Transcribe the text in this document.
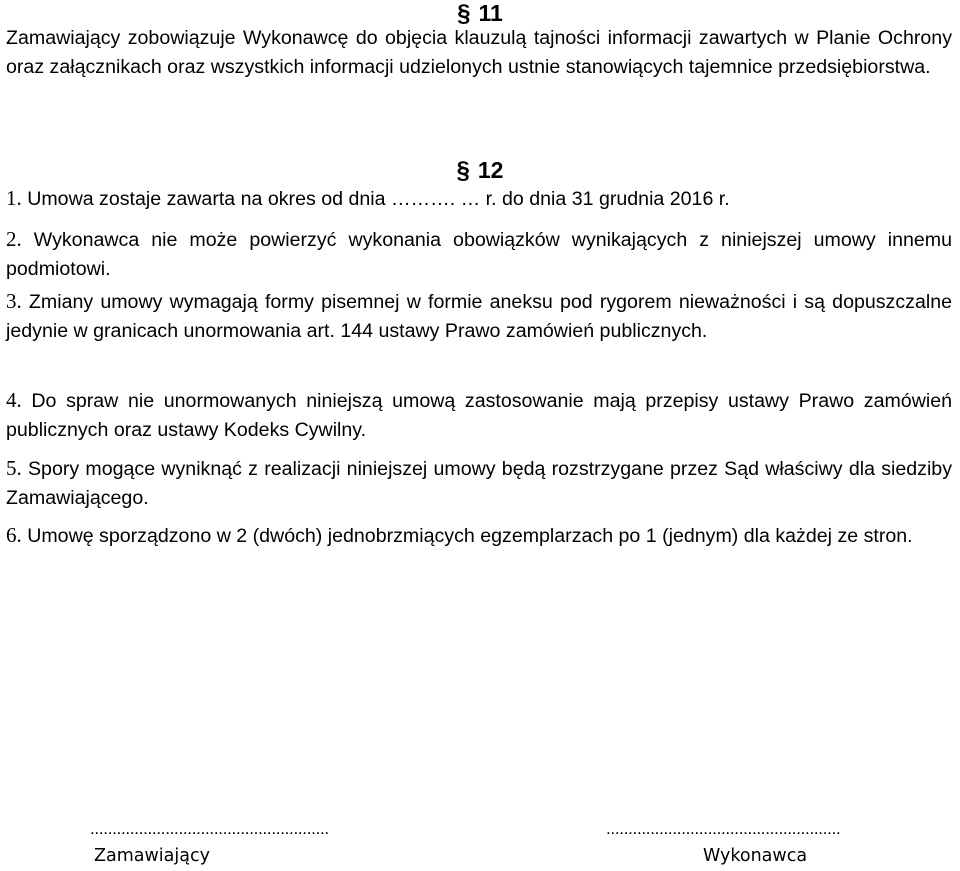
§ 11

Zamawiający zobowiązuje Wykonawcę do objęcia klauzulą tajności informacji zawartych w Planie Ochrony oraz załącznikach oraz wszystkich informacji udzielonych ustnie stanowiących tajemnice przedsiębiorstwa.

§ 12

1. Umowa zostaje zawarta na okres od dnia ………. … r. do dnia 31 grudnia 2016 r.

2. Wykonawca nie może powierzyć wykonania obowiązków wynikających z niniejszej umowy innemu podmiotowi.

3. Zmiany umowy wymagają formy pisemnej w formie aneksu pod rygorem nieważności i są dopuszczalne jedynie w granicach unormowania art. 144 ustawy Prawo zamówień publicznych.

4. Do spraw nie unormowanych niniejszą umową zastosowanie mają przepisy ustawy Prawo zamówień publicznych oraz ustawy Kodeks Cywilny.

5. Spory mogące wyniknąć z realizacji niniejszej umowy będą rozstrzygane przez Sąd właściwy dla siedziby Zamawiającego.

6. Umowę sporządzono w 2 (dwóch) jednobrzmiących egzemplarzach po 1 (jednym) dla każdej ze stron.

......................................................
Zamawiający
.....................................................
Wykonawca
